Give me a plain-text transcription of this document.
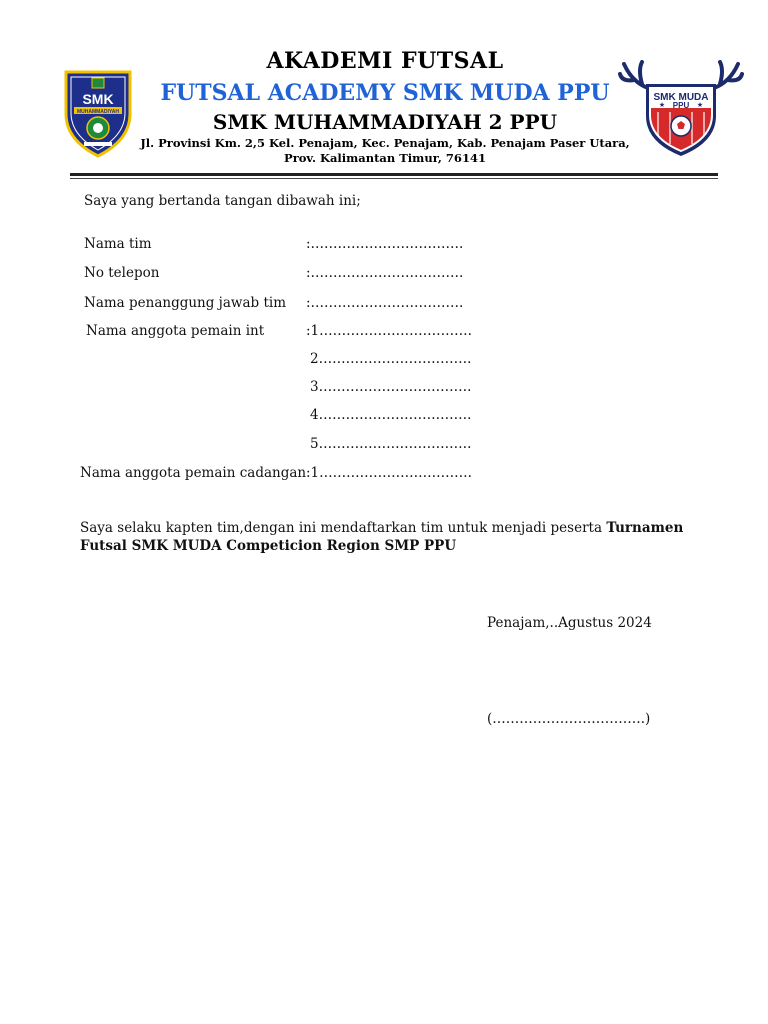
SMK
MUHAMMADIYAH
SMK MUDA
PPU
★	★
AKADEMI FUTSAL
FUTSAL ACADEMY SMK MUDA PPU
SMK MUHAMMADIYAH 2 PPU
Jl. Provinsi Km. 2,5 Kel. Penajam, Kec. Penajam, Kab. Penajam Paser Utara,
Prov. Kalimantan Timur, 76141
Saya yang bertanda tangan dibawah ini;
Nama tim	:…………………………….
No telepon	:…………………………….
Nama penanggung jawab tim :…………………………….
Nama anggota pemain int	:1…………………………….
2…………………………….
3…………………………….
4…………………………….
5…………………………….
Nama anggota pemain cadangan :1…………………………….
Saya selaku kapten tim,dengan ini mendaftarkan tim untuk menjadi peserta Turnamen
Futsal SMK MUDA Competicion Region SMP PPU
Penajam,..Agustus 2024
(…………………………….)
